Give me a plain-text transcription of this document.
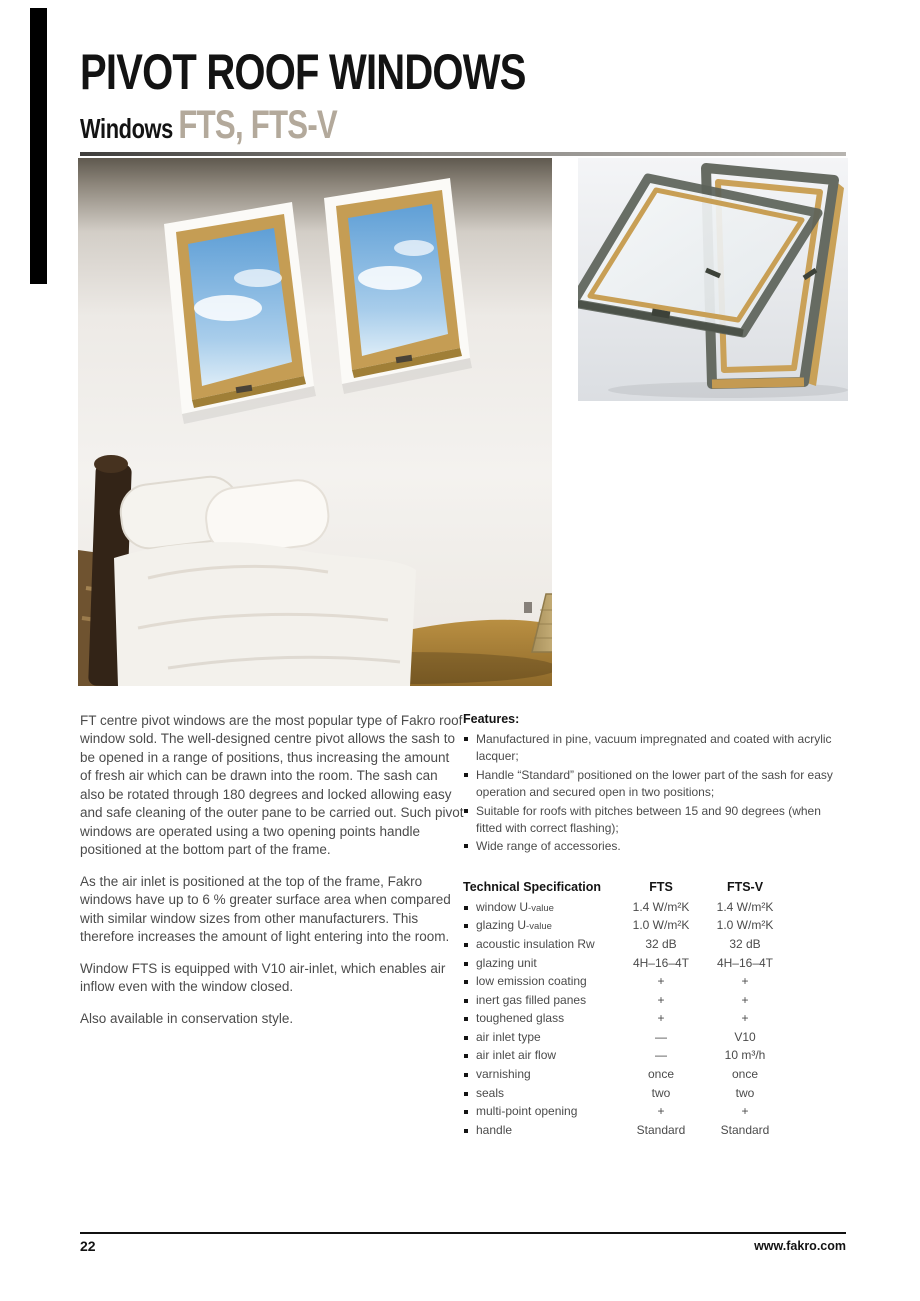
PIVOT ROOF WINDOWS
Windows FTS, FTS-V

FT centre pivot windows are the most popular type of Fakro roof window sold. The well-designed centre pivot allows the sash to be opened in a range of positions, thus increasing the amount of fresh air which can be drawn into the room. The sash can also be rotated through 180 degrees and locked allowing easy and safe cleaning of the outer pane to be carried out. Such pivot windows are operated using a two opening points handle positioned at the bottom part of the frame.

As the air inlet is positioned at the top of the frame, Fakro windows have up to 6 % greater surface area when compared with similar window sizes from other manufacturers. This therefore increases the amount of light entering into the room.

Window FTS is equipped with V10 air-inlet, which enables air inflow even with the window closed.

Also available in conservation style.

Features:
Manufactured in pine, vacuum impregnated and coated with acrylic lacquer;
Handle “Standard” positioned on the lower part of the sash for easy operation and secured open in two positions;
Suitable for roofs with pitches between 15 and 90 degrees (when fitted with correct flashing);
Wide range of accessories.
Technical Specification	FTS	FTS-V
window U-value	1.4 W/m²K	1.4 W/m²K
glazing U-value	1.0 W/m²K	1.0 W/m²K
acoustic insulation Rw	32 dB	32 dB
glazing unit	4H–16–4T	4H–16–4T
low emission coating	+	+
inert gas filled panes	+	+
toughened glass	+	+
air inlet type	—	V10
air inlet air flow	—	10 m³/h
varnishing	once	once
seals	two	two
multi-point opening	+	+
handle	Standard	Standard
22	www.fakro.com
